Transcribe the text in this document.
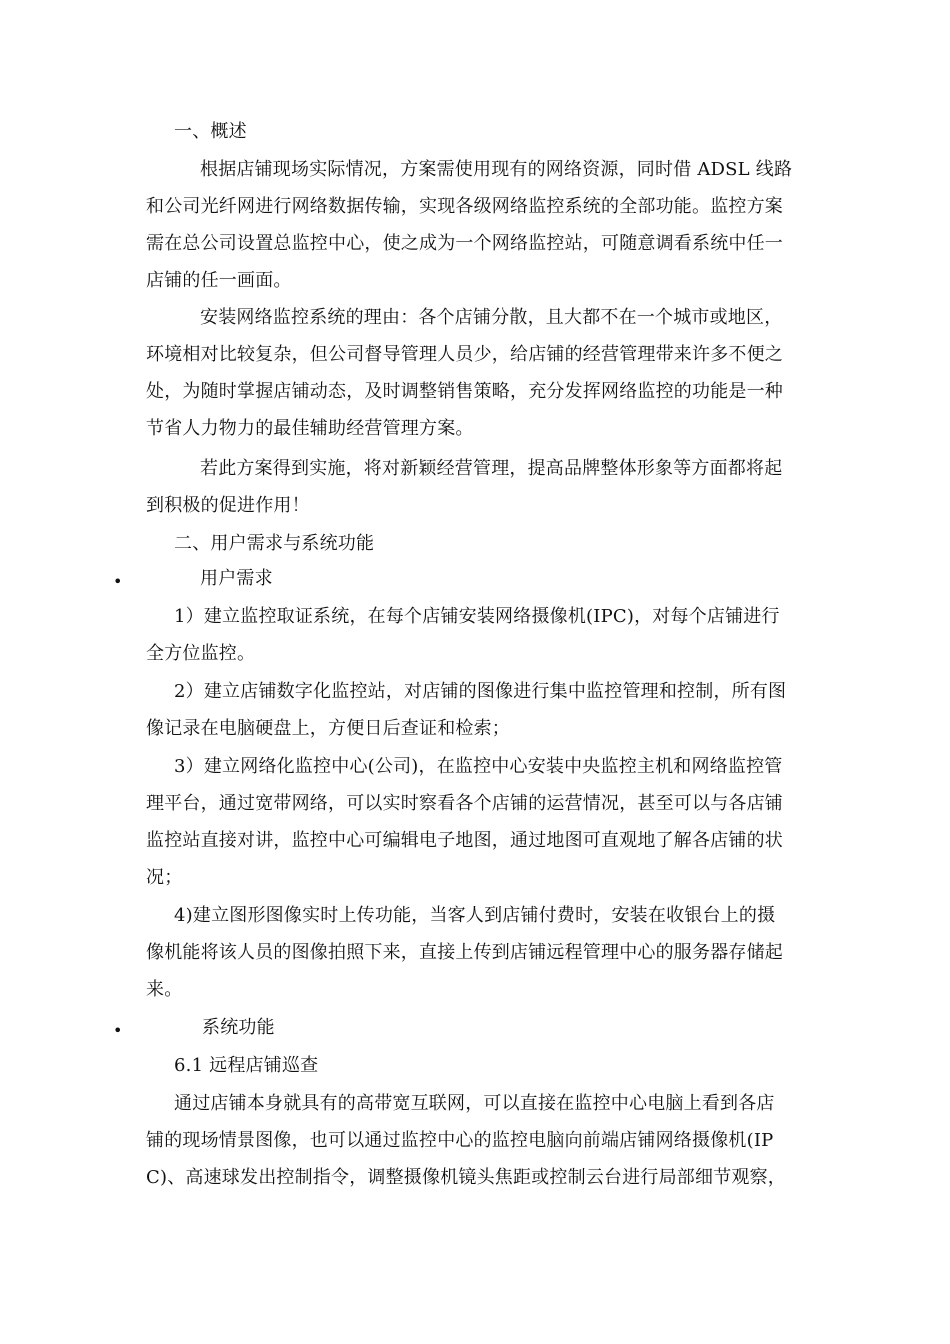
一、概述
根据店铺现场实际情况，方案需使用现有的网络资源，同时借 ADSL 线路
和公司光纤网进行网络数据传输，实现各级网络监控系统的全部功能。监控方案
需在总公司设置总监控中心，使之成为一个网络监控站，可随意调看系统中任一
店铺的任一画面。
安装网络监控系统的理由：各个店铺分散，且大都不在一个城市或地区，
环境相对比较复杂，但公司督导管理人员少，给店铺的经营管理带来许多不便之
处，为随时掌握店铺动态，及时调整销售策略，充分发挥网络监控的功能是一种
节省人力物力的最佳辅助经营管理方案。
若此方案得到实施，将对新颖经营管理，提高品牌整体形象等方面都将起
到积极的促进作用！
二、用户需求与系统功能
•	用户需求
1）建立监控取证系统，在每个店铺安装网络摄像机(IPC)，对每个店铺进行
全方位监控。
2）建立店铺数字化监控站，对店铺的图像进行集中监控管理和控制，所有图
像记录在电脑硬盘上，方便日后查证和检索；
3）建立网络化监控中心(公司)，在监控中心安装中央监控主机和网络监控管
理平台，通过宽带网络，可以实时察看各个店铺的运营情况，甚至可以与各店铺
监控站直接对讲，监控中心可编辑电子地图，通过地图可直观地了解各店铺的状
况；
4)建立图形图像实时上传功能，当客人到店铺付费时，安装在收银台上的摄
像机能将该人员的图像拍照下来，直接上传到店铺远程管理中心的服务器存储起
来。
•	系统功能
6.1 远程店铺巡查
通过店铺本身就具有的高带宽互联网，可以直接在监控中心电脑上看到各店
铺的现场情景图像，也可以通过监控中心的监控电脑向前端店铺网络摄像机(IP
C)、高速球发出控制指令，调整摄像机镜头焦距或控制云台进行局部细节观察，
